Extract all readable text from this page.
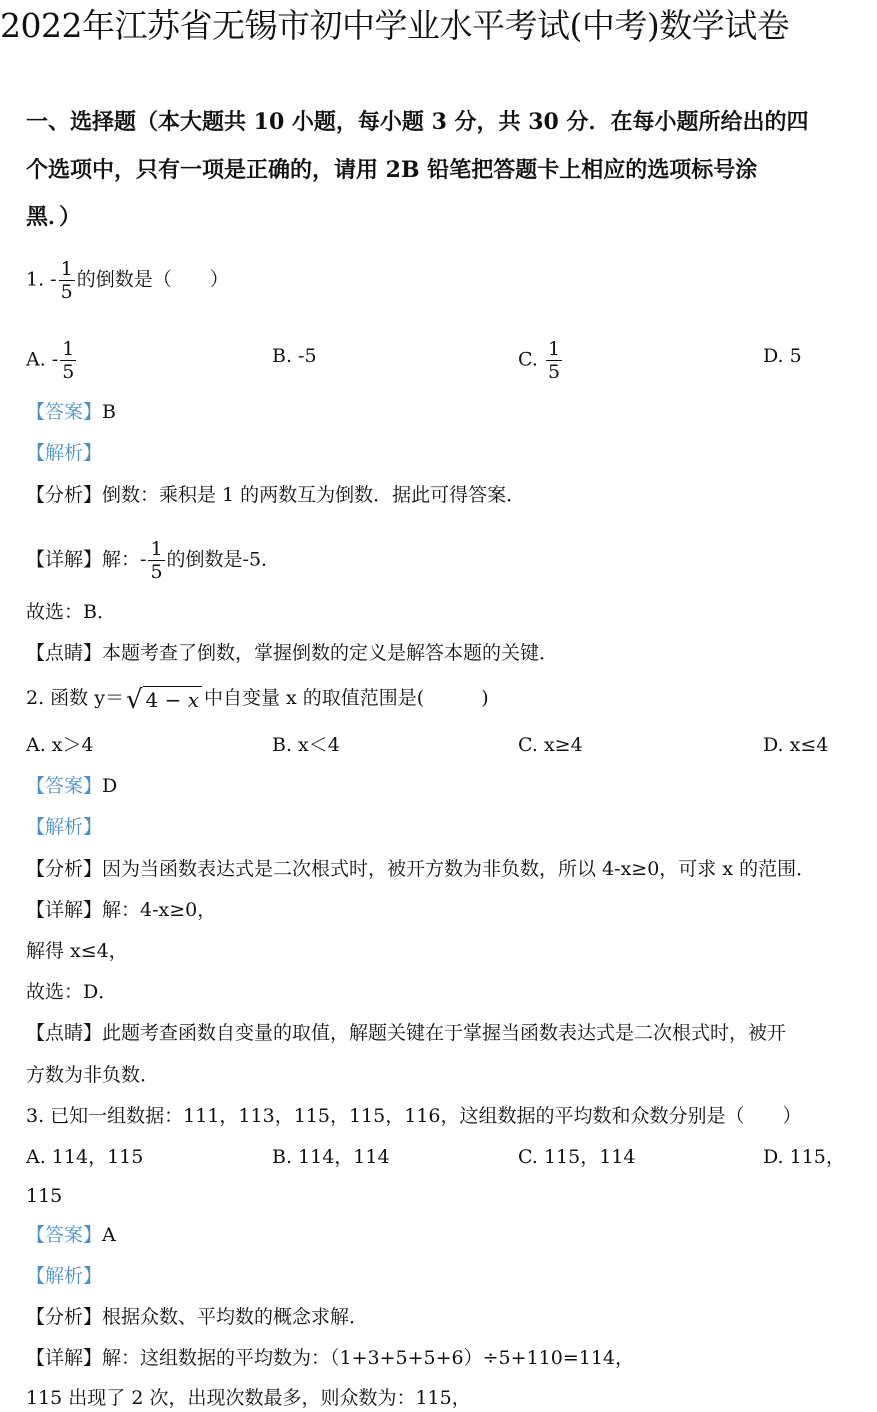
2022年江苏省无锡市初中学业水平考试(中考)数学试卷
一、选择题（本大题共 10 小题，每小题 3 分，共 30 分．在每小题所给出的四
个选项中，只有一项是正确的，请用 2B 铅笔把答题卡上相应的选项标号涂
黑．）
1. - $\frac{1}{5}$ 的倒数是（　　）
A. - $\frac{1}{5}$	B. -5	C. $\frac{1}{5}$	D. 5
【答案】B
【解析】
【分析】倒数：乘积是 1 的两数互为倒数．据此可得答案．
【详解】解：- $\frac{1}{5}$ 的倒数是-5．
故选：B．
【点睛】本题考查了倒数，掌握倒数的定义是解答本题的关键．
2. 函数 y＝√ 4 − x 中自变量 x 的取值范围是(　　　)
A. x＞4	B. x＜4	C. x≥4	D. x≤4
【答案】D
【解析】
【分析】因为当函数表达式是二次根式时，被开方数为非负数，所以 4-x≥0，可求 x 的范围．
【详解】解：4-x≥0，
解得 x≤4，
故选：D．
【点睛】此题考查函数自变量的取值，解题关键在于掌握当函数表达式是二次根式时，被开
方数为非负数．
3. 已知一组数据：111，113，115，115，116，这组数据的平均数和众数分别是（　　）
A. 114，115	B. 114，114	C. 115，114	D. 115，
115
【答案】A
【解析】
【分析】根据众数、平均数的概念求解．
【详解】解：这组数据的平均数为：（1+3+5+5+6）÷5+110=114，
115 出现了 2 次，出现次数最多，则众数为：115，
